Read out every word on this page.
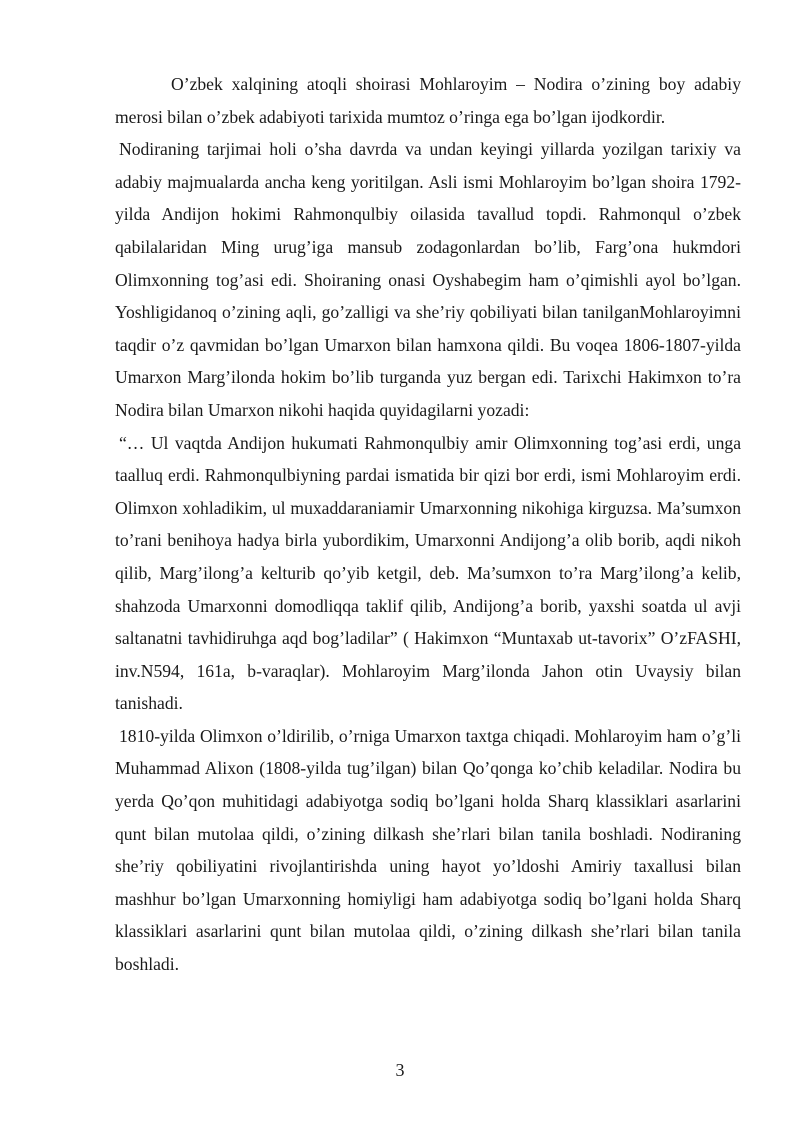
O’zbek xalqining atoqli shoirasi Mohlaroyim – Nodira o’zining boy adabiy merosi bilan o’zbek adabiyoti tarixida mumtoz o’ringa ega bo’lgan ijodkordir.

Nodiraning tarjimai holi o’sha davrda va undan keyingi yillarda yozilgan tarixiy va adabiy majmualarda ancha keng yoritilgan. Asli ismi Mohlaroyim bo’lgan shoira 1792-yilda Andijon hokimi Rahmonqulbiy oilasida tavallud topdi. Rahmonqul o’zbek qabilalaridan Ming urug’iga mansub zodagonlardan bo’lib, Farg’ona hukmdori Olimxonning tog’asi edi. Shoiraning onasi Oyshabegim ham o’qimishli ayol bo’lgan. Yoshligidanoq o’zining aqli, go’zalligi va she’riy qobiliyati bilan tanilganMohlaroyimni taqdir o’z qavmidan bo’lgan Umarxon bilan hamxona qildi. Bu voqea 1806-1807-yilda Umarxon Marg’ilonda hokim bo’lib turganda yuz bergan edi. Tarixchi Hakimxon to’ra Nodira bilan Umarxon nikohi haqida quyidagilarni yozadi:

“… Ul vaqtda Andijon hukumati Rahmonqulbiy amir Olimxonning tog’asi erdi, unga taalluq erdi. Rahmonqulbiyning pardai ismatida bir qizi bor erdi, ismi Mohlaroyim erdi. Olimxon xohladikim, ul muxaddaraniamir Umarxonning nikohiga kirguzsa. Ma’sumxon to’rani benihoya hadya birla yubordikim, Umarxonni Andijong’a olib borib, aqdi nikoh qilib, Marg’ilong’a kelturib qo’yib ketgil, deb. Ma’sumxon to’ra Marg’ilong’a kelib, shahzoda Umarxonni domodliqqa taklif qilib, Andijong’a borib, yaxshi soatda ul avji saltanatni tavhidiruhga aqd bog’ladilar” ( Hakimxon “Muntaxab ut-tavorix” O’zFASHI, inv.N594, 161a, b-varaqlar). Mohlaroyim Marg’ilonda Jahon otin Uvaysiy bilan tanishadi.

1810-yilda Olimxon o’ldirilib, o’rniga Umarxon taxtga chiqadi. Mohlaroyim ham o’g’li Muhammad Alixon (1808-yilda tug’ilgan) bilan Qo’qonga ko’chib keladilar. Nodira bu yerda Qo’qon muhitidagi adabiyotga sodiq bo’lgani holda Sharq klassiklari asarlarini qunt bilan mutolaa qildi, o’zining dilkash she’rlari bilan tanila boshladi. Nodiraning she’riy qobiliyatini rivojlantirishda uning hayot yo’ldoshi Amiriy taxallusi bilan mashhur bo’lgan Umarxonning homiyligi ham adabiyotga sodiq bo’lgani holda Sharq klassiklari asarlarini qunt bilan mutolaa qildi, o’zining dilkash she’rlari bilan tanila boshladi.

3
